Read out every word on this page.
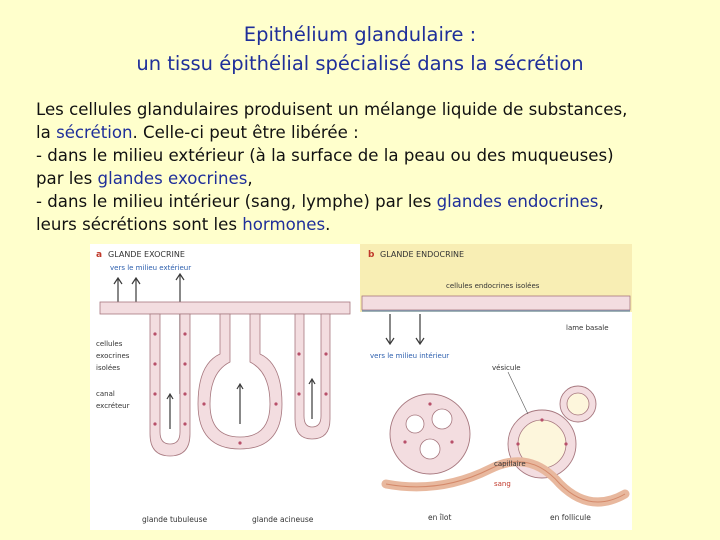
Epithélium glandulaire :
un tissu épithélial spécialisé dans la sécrétion
Les cellules glandulaires produisent un mélange liquide de substances,
la sécrétion. Celle-ci peut être libérée :
- dans le milieu extérieur (à la surface de la peau ou des muqueuses)
par les glandes exocrines,
- dans le milieu intérieur (sang, lymphe) par les glandes endocrines,
leurs sécrétions sont les hormones.
a GLANDE EXOCRINE
vers le milieu extérieur
cellules
exocrines
isolées
canal
excréteur
glande tubuleuse	glande acineuse
b GLANDE ENDOCRINE
cellules endocrines isolées
lame basale
vers le milieu intérieur
vésicule
capillaire
sang
en îlot	en follicule
